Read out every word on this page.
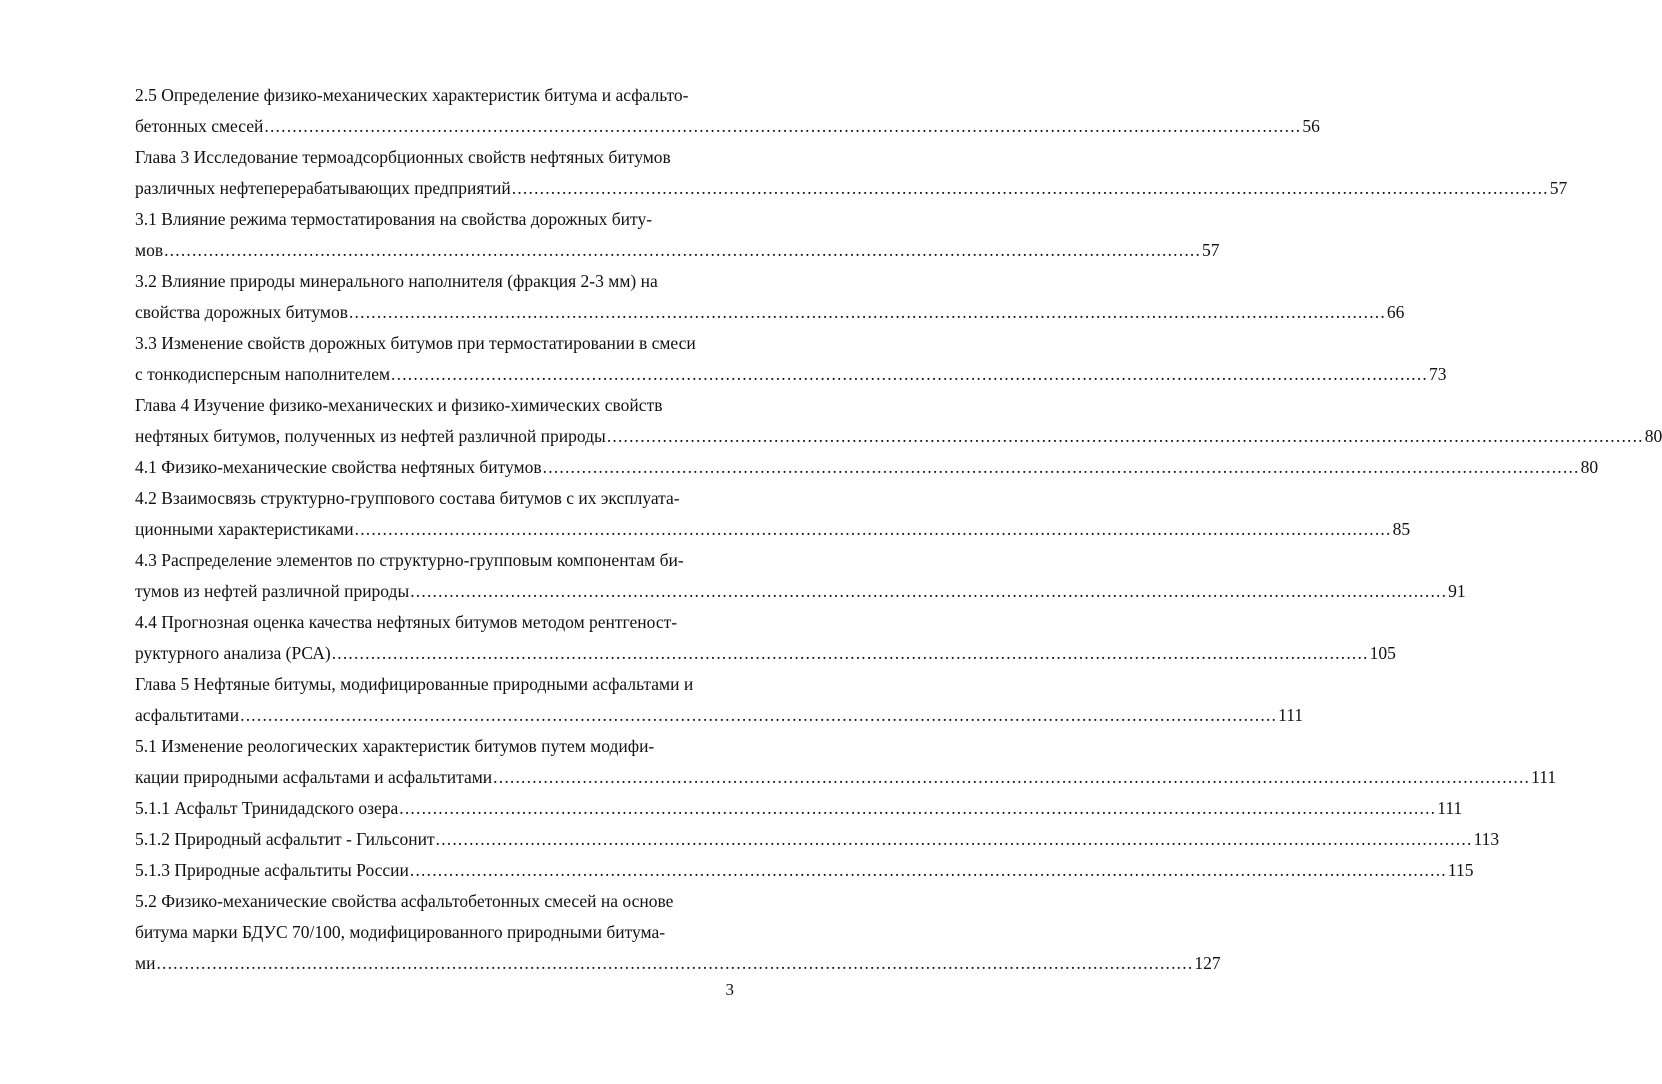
2.5 Определение физико-механических характеристик битума и асфальто-
бетонных смесей .....	56
Глава 3 Исследование термоадсорбционных свойств нефтяных битумов
различных нефтеперерабатывающих предприятий .....	57
3.1 Влияние режима термостатирования на свойства дорожных биту-
мов .....	57
3.2 Влияние природы минерального наполнителя (фракция 2-3 мм) на
свойства дорожных битумов .....	66
3.3 Изменение свойств дорожных битумов при термостатировании в смеси
с тонкодисперсным наполнителем .....	73
Глава 4 Изучение физико-механических и физико-химических свойств
нефтяных битумов, полученных из нефтей различной природы .....	80
4.1 Физико-механические свойства нефтяных битумов .....	80
4.2 Взаимосвязь структурно-группового состава битумов с их эксплуата-
ционными характеристиками .....	85
4.3 Распределение элементов по структурно-групповым компонентам би-
тумов из нефтей различной природы .....	91
4.4 Прогнозная оценка качества нефтяных битумов методом рентгеност-
руктурного анализа (РСА) .....	105
Глава 5 Нефтяные битумы, модифицированные природными асфальтами и
асфальтитами .....	111
5.1 Изменение реологических характеристик битумов путем модифи-
кации природными асфальтами и асфальтитами .....	111
5.1.1 Асфальт Тринидадского озера .....	111
5.1.2 Природный асфальтит - Гильсонит .....	113
5.1.3 Природные асфальтиты России .....	115
5.2 Физико-механические свойства асфальтобетонных смесей на основе
битума марки БДУС 70/100, модифицированного природными битума-
ми .....	127
3
